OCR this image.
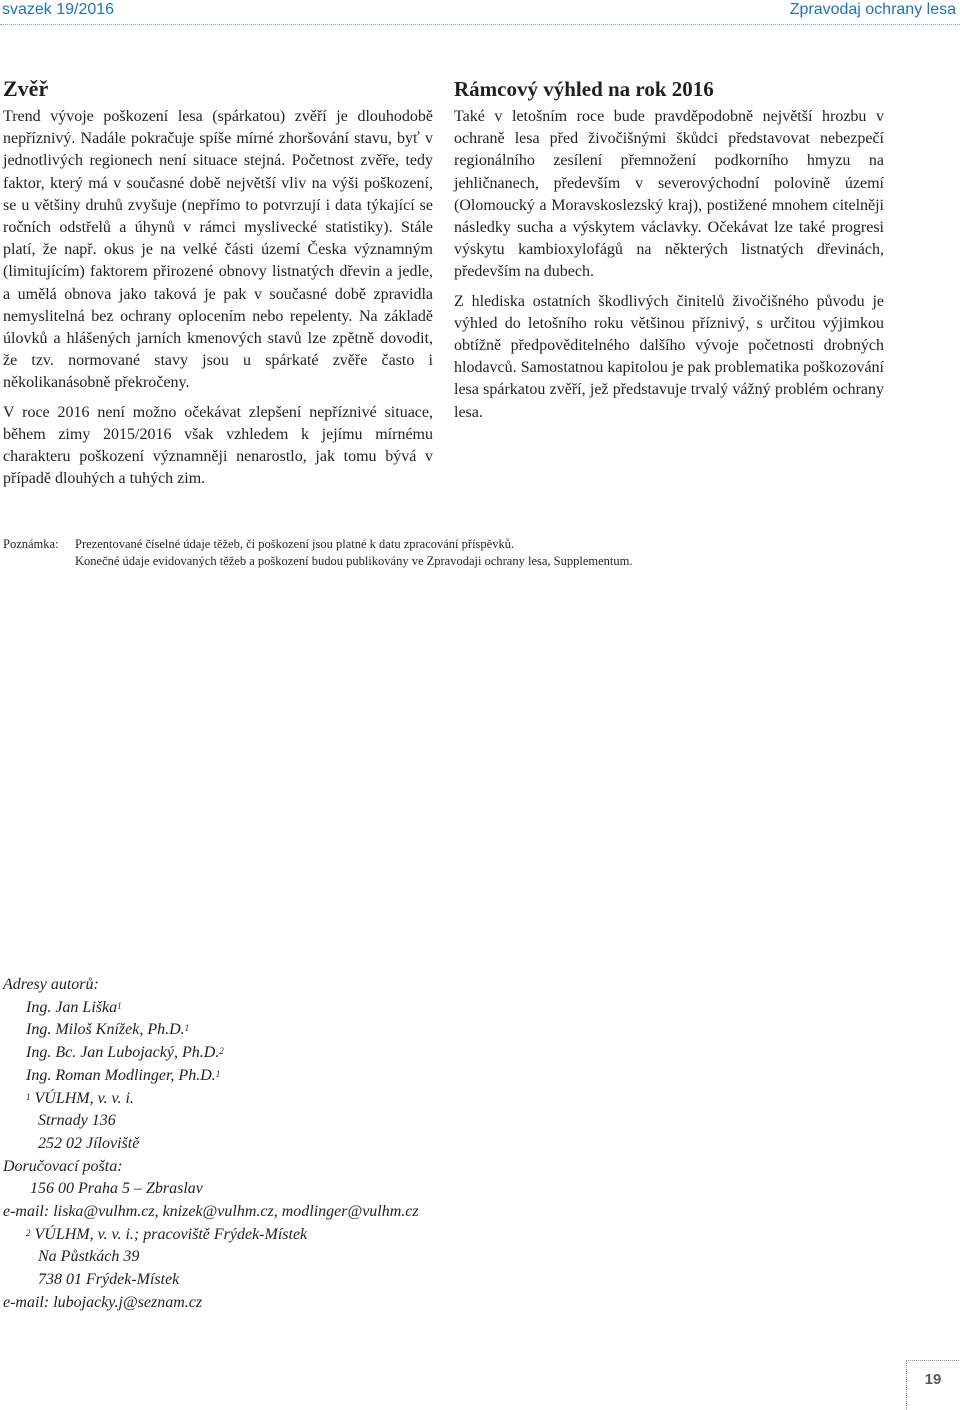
svazek 19/2016	Zpravodaj ochrany lesa
Zvěř

Trend vývoje poškození lesa (spárkatou) zvěří je dlouhodobě nepříznivý. Nadále pokračuje spíše mírné zhoršování stavu, byť v jednotlivých regionech není situace stejná. Početnost zvěře, tedy faktor, který má v současné době největší vliv na výši poškození, se u většiny druhů zvyšuje (nepřímo to potvrzují i data týkající se ročních odstřelů a úhynů v rámci myslivecké statistiky). Stále platí, že např. okus je na velké části území Česka významným (limitujícím) faktorem přirozené obnovy listnatých dřevin a jedle, a umělá obnova jako taková je pak v současné době zpravidla nemyslitelná bez ochrany oplocením nebo repelenty. Na základě úlovků a hlášených jarních kmenových stavů lze zpětně dovodit, že tzv. normované stavy jsou u spárkaté zvěře často i několikanásobně překročeny.

V roce 2016 není možno očekávat zlepšení nepříznivé situace, během zimy 2015/2016 však vzhledem k jejímu mírnému charakteru poškození významněji nenarostlo, jak tomu bývá v případě dlouhých a tuhých zim.

Rámcový výhled na rok 2016

Také v letošním roce bude pravděpodobně největší hrozbu v ochraně lesa před živočišnými škůdci představovat nebezpečí regionálního zesílení přemnožení podkorního hmyzu na jehličnanech, především v severovýchodní polovině území (Olomoucký a Moravskoslezský kraj), postižené mnohem citelněji následky sucha a výskytem václavky. Očekávat lze také progresi výskytu kambioxylofágů na některých listnatých dřevinách, především na dubech.

Z hlediska ostatních škodlivých činitelů živočišného původu je výhled do letošního roku většinou příznivý, s určitou výjimkou obtížně předpověditelného dalšího vývoje početnosti drobných hlodavců. Samostatnou kapitolou je pak problematika poškozování lesa spárkatou zvěří, jež představuje trvalý vážný problém ochrany lesa.

Poznámka: Prezentované číselné údaje těžeb, či poškození jsou platné k datu zpracování příspěvků.
Konečné údaje evidovaných těžeb a poškození budou publikovány ve Zpravodaji ochrany lesa, Supplementum.
Adresy autorů:
Ing. Jan Liška$^1$
Ing. Miloš Knížek, Ph.D.$^1$
Ing. Bc. Jan Lubojacký, Ph.D.$^2$
Ing. Roman Modlinger, Ph.D.$^1$
$^1$ VÚLHM, v. v. i.
Strnady 136
252 02 Jíloviště
Doručovací pošta:
156 00 Praha 5 – Zbraslav
e-mail: liska@vulhm.cz, knizek@vulhm.cz, modlinger@vulhm.cz
$^2$ VÚLHM, v. v. i.; pracoviště Frýdek-Místek
Na Půstkách 39
738 01 Frýdek-Místek
e-mail: lubojacky.j@seznam.cz
19
